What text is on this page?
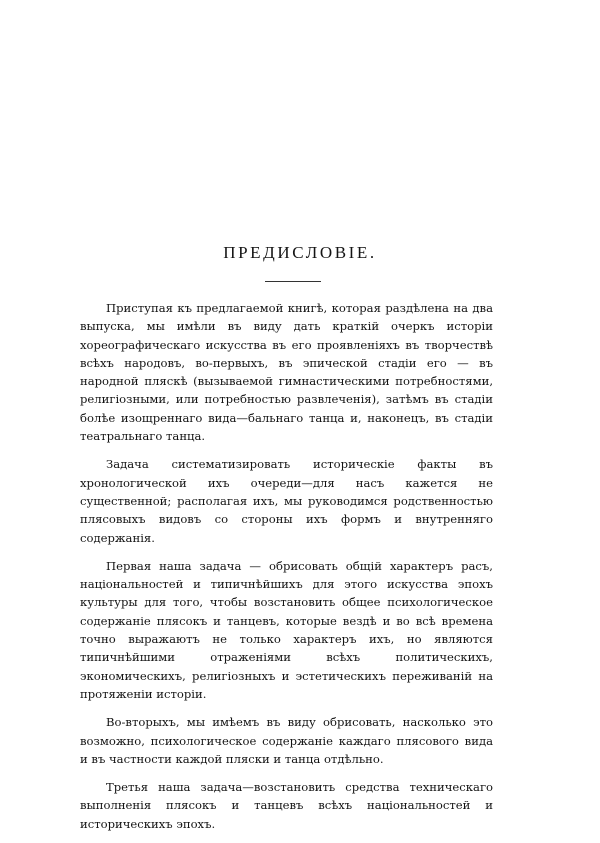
ПРЕДИСЛОВІЕ.

Приступая къ предлагаемой книгѣ, которая раздѣлена на два выпуска, мы имѣли въ виду дать краткій очеркъ исторіи хореографическаго искусства въ его проявленіяхъ въ творчествѣ всѣхъ народовъ, во-первыхъ, въ эпической стадіи его — въ народной пляскѣ (вызываемой гимнастическими потребностями, религіозными, или потребностью развлеченія), затѣмъ въ стадіи болѣе изощреннаго вида—бальнаго танца и, наконецъ, въ стадіи театральнаго танца.

Задача систематизировать историческіе факты въ хронологической ихъ очереди—для насъ кажется не существенной; располагая ихъ, мы руководимся родственностью плясовыхъ видовъ со стороны ихъ формъ и внутренняго содержанія.

Первая наша задача — обрисовать общій характеръ расъ, національностей и типичнѣйшихъ для этого искусства эпохъ культуры для того, чтобы возстановить общее психологическое содержаніе плясокъ и танцевъ, которые вездѣ и во всѣ времена точно выражаютъ не только характеръ ихъ, но являются типичнѣйшими отраженіями всѣхъ политическихъ, экономическихъ, религіозныхъ и эстетическихъ переживаній на протяженіи исторіи.

Во-вторыхъ, мы имѣемъ въ виду обрисовать, насколько это возможно, психологическое содержаніе каждаго плясового вида и въ частности каждой пляски и танца отдѣльно.

Третья наша задача—возстановить средства техническаго выполненія плясокъ и танцевъ всѣхъ національностей и историческихъ эпохъ.
